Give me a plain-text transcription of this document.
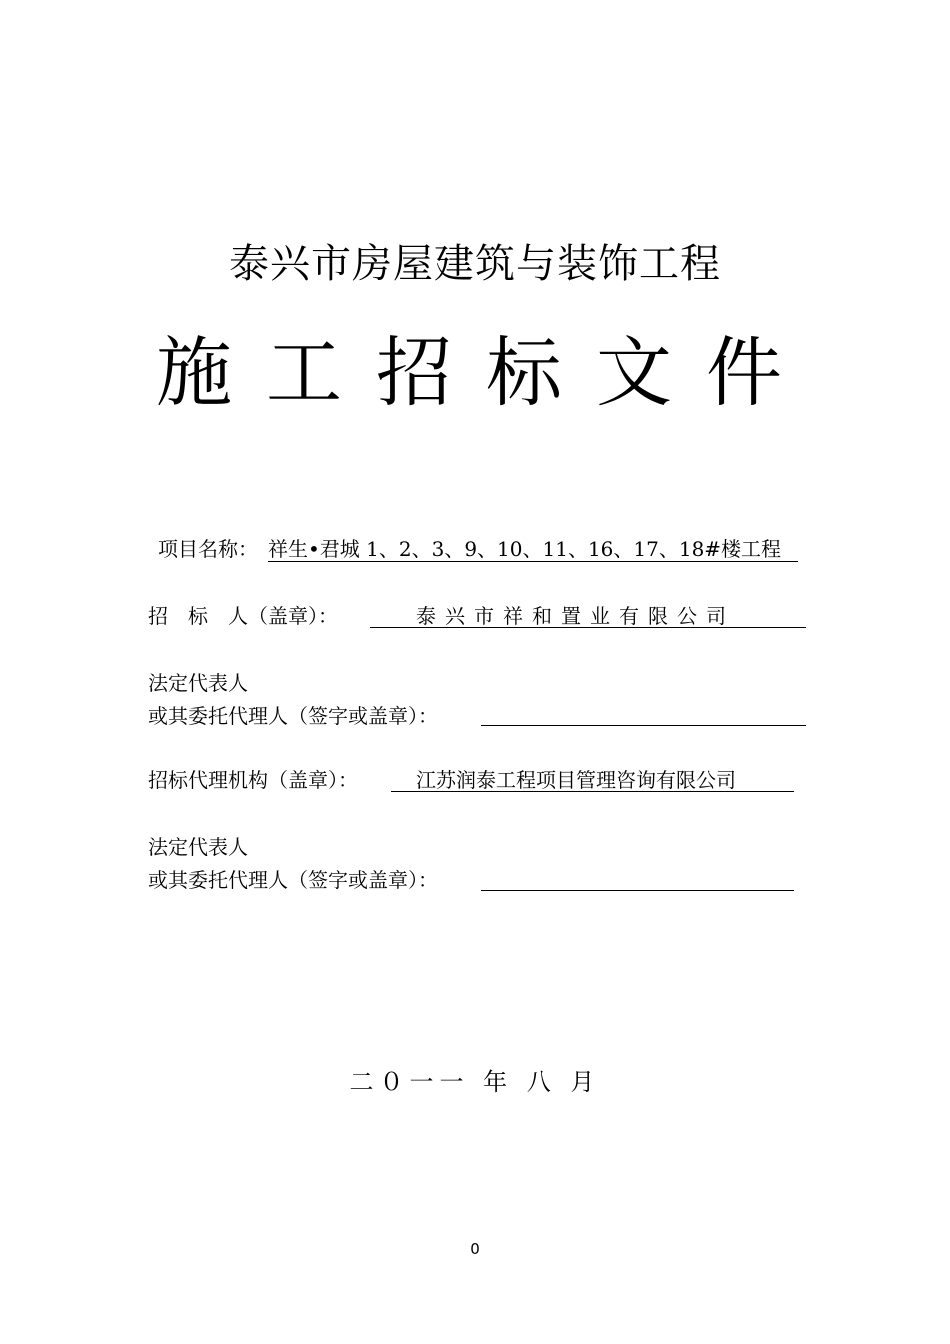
泰兴市房屋建筑与装饰工程
施工招标文件
项目名称： 祥生•君城 1、2、3、9、10、11、16、17、18#楼工程
招　标　人（盖章）：	泰兴市祥和置业有限公司
法定代表人
或其委托代理人（签字或盖章）：
招标代理机构（盖章）：	江苏润泰工程项目管理咨询有限公司
法定代表人
或其委托代理人（签字或盖章）：
二０一一 年 八 月
0
